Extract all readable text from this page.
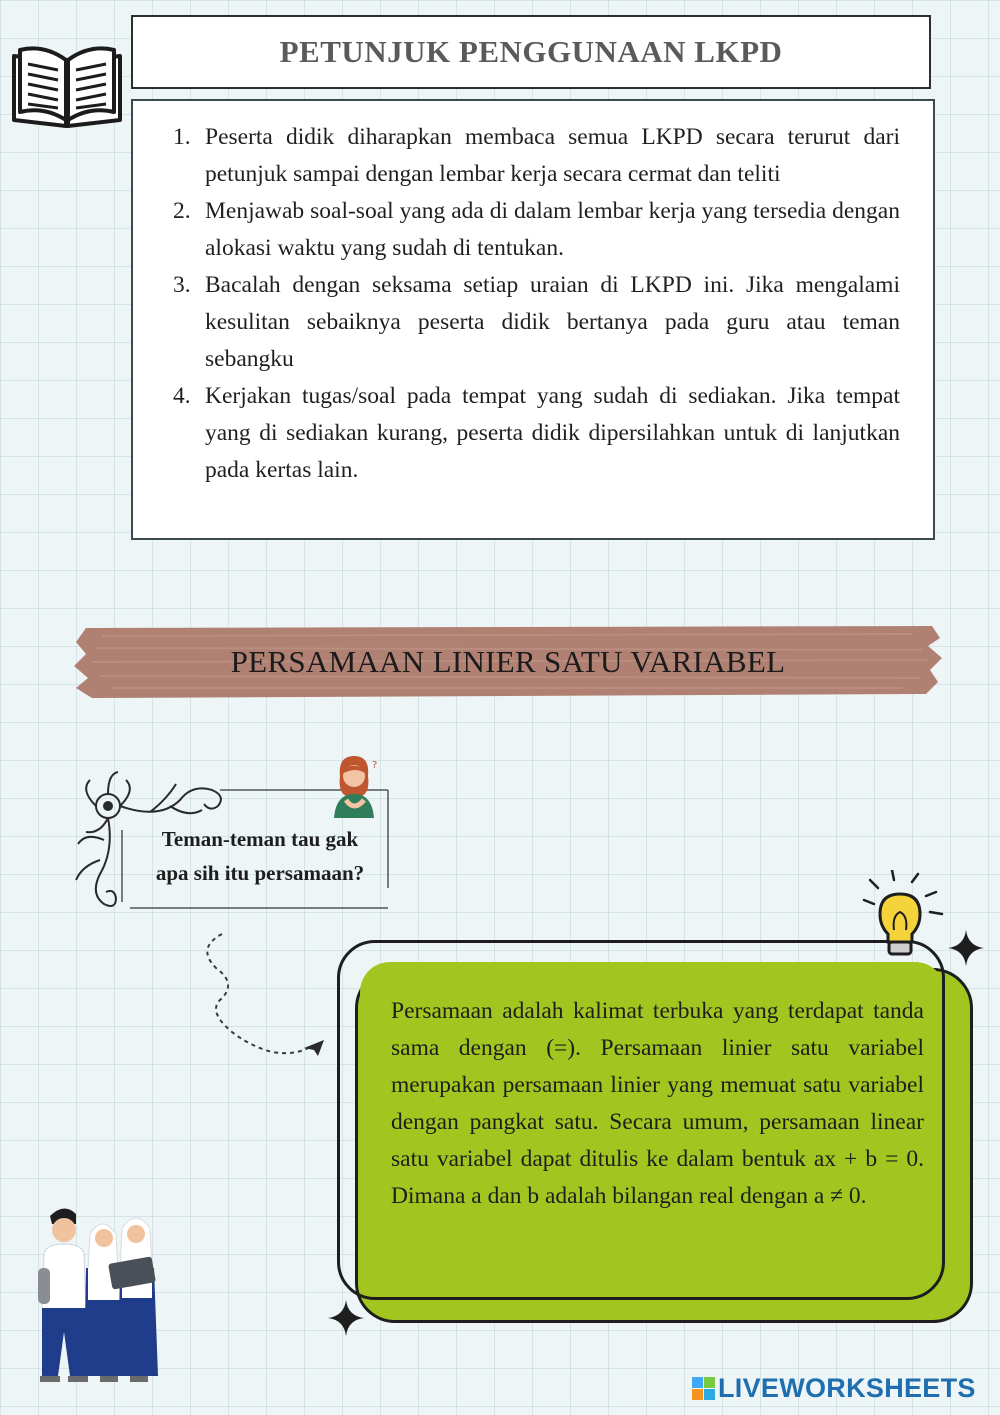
PETUNJUK PENGGUNAAN LKPD
1. Peserta didik diharapkan membaca semua LKPD secara terurut dari petunjuk sampai dengan lembar kerja secara cermat dan teliti
2. Menjawab soal-soal yang ada di dalam lembar kerja yang tersedia dengan alokasi waktu yang sudah di tentukan.
3. Bacalah dengan seksama setiap uraian di LKPD ini. Jika mengalami kesulitan sebaiknya peserta didik bertanya pada guru atau teman sebangku
4. Kerjakan tugas/soal pada tempat yang sudah di sediakan. Jika tempat yang di sediakan kurang, peserta didik dipersilahkan untuk di lanjutkan pada kertas lain.
PERSAMAAN LINIER SATU VARIABEL
Teman-teman tau gak
apa sih itu persamaan?
?
Persamaan adalah kalimat terbuka yang terdapat tanda sama dengan (=). Persamaan linier satu variabel merupakan persamaan linier yang memuat satu variabel dengan pangkat satu. Secara umum, persamaan linear satu variabel dapat ditulis ke dalam bentuk ax + b = 0. Dimana a dan b adalah bilangan real dengan a ≠ 0.
LIVEWORKSHEETS
